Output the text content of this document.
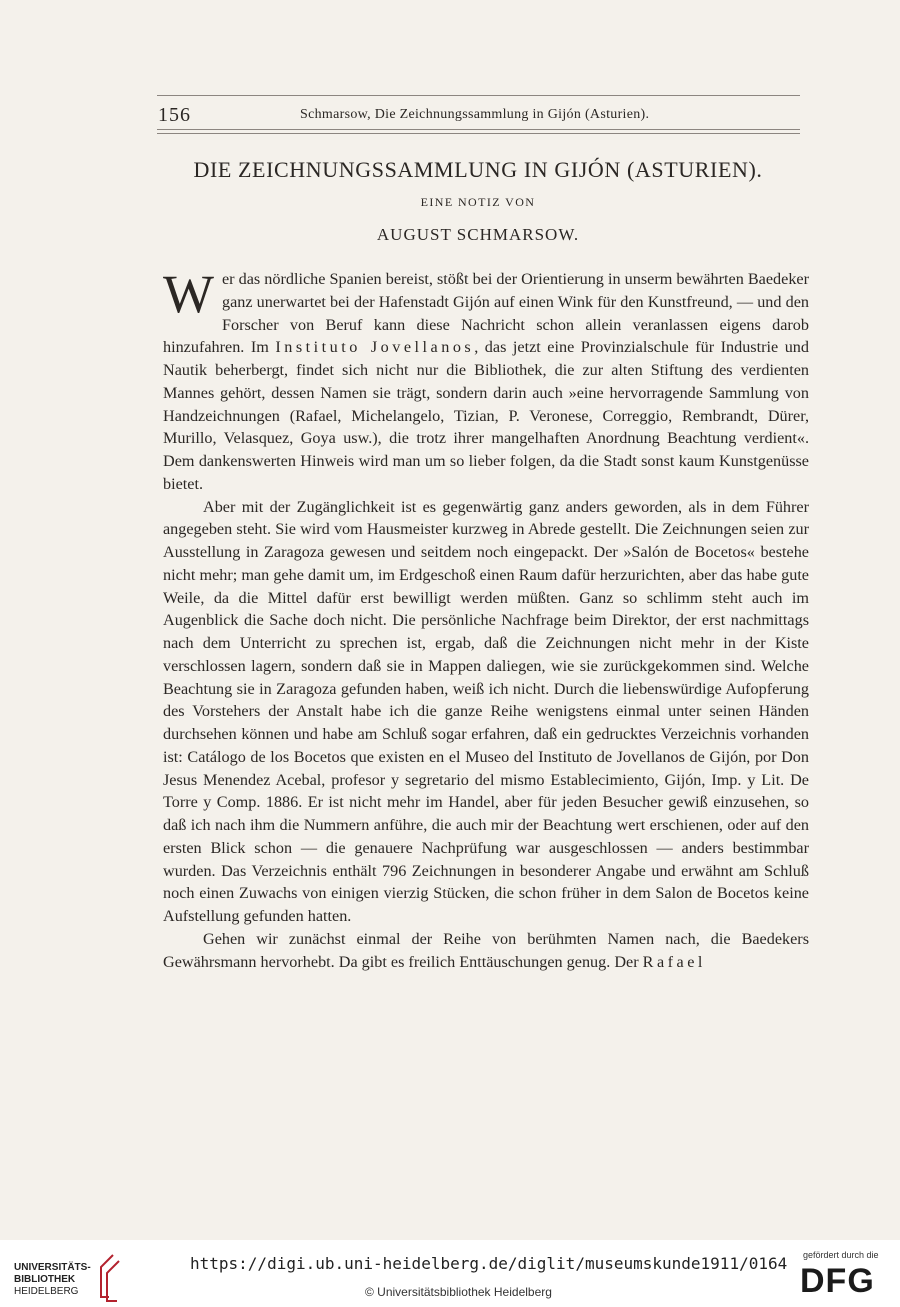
156	Schmarsow, Die Zeichnungssammlung in Gijón (Asturien).
DIE ZEICHNUNGSSAMMLUNG IN GIJÓN (ASTURIEN).
EINE NOTIZ VON
AUGUST SCHMARSOW.

Wer das nördliche Spanien bereist, stößt bei der Orientierung in unserm bewährten Baedeker ganz unerwartet bei der Hafenstadt Gijón auf einen Wink für den Kunstfreund, — und den Forscher von Beruf kann diese Nachricht schon allein veranlassen eigens darob hinzufahren. Im Instituto Jovellanos, das jetzt eine Provinzialschule für Industrie und Nautik beherbergt, findet sich nicht nur die Bibliothek, die zur alten Stiftung des verdienten Mannes gehört, dessen Namen sie trägt, sondern darin auch »eine hervorragende Sammlung von Handzeichnungen (Rafael, Michelangelo, Tizian, P. Veronese, Correggio, Rembrandt, Dürer, Murillo, Velasquez, Goya usw.), die trotz ihrer mangelhaften Anordnung Beachtung verdient«. Dem dankenswerten Hinweis wird man um so lieber folgen, da die Stadt sonst kaum Kunstgenüsse bietet.

Aber mit der Zugänglichkeit ist es gegenwärtig ganz anders geworden, als in dem Führer angegeben steht. Sie wird vom Hausmeister kurzweg in Abrede gestellt. Die Zeichnungen seien zur Ausstellung in Zaragoza gewesen und seitdem noch eingepackt. Der »Salón de Bocetos« bestehe nicht mehr; man gehe damit um, im Erdgeschoß einen Raum dafür herzurichten, aber das habe gute Weile, da die Mittel dafür erst bewilligt werden müßten. Ganz so schlimm steht auch im Augenblick die Sache doch nicht. Die persönliche Nachfrage beim Direktor, der erst nachmittags nach dem Unterricht zu sprechen ist, ergab, daß die Zeichnungen nicht mehr in der Kiste verschlossen lagern, sondern daß sie in Mappen daliegen, wie sie zurückgekommen sind. Welche Beachtung sie in Zaragoza gefunden haben, weiß ich nicht. Durch die liebenswürdige Aufopferung des Vorstehers der Anstalt habe ich die ganze Reihe wenigstens einmal unter seinen Händen durchsehen können und habe am Schluß sogar erfahren, daß ein gedrucktes Verzeichnis vorhanden ist: Catálogo de los Bocetos que existen en el Museo del Instituto de Jovellanos de Gijón, por Don Jesus Menendez Acebal, profesor y segretario del mismo Establecimiento, Gijón, Imp. y Lit. De Torre y Comp. 1886. Er ist nicht mehr im Handel, aber für jeden Besucher gewiß einzusehen, so daß ich nach ihm die Nummern anführe, die auch mir der Beachtung wert erschienen, oder auf den ersten Blick schon — die genauere Nachprüfung war ausgeschlossen — anders bestimmbar wurden. Das Verzeichnis enthält 796 Zeichnungen in besonderer Angabe und erwähnt am Schluß noch einen Zuwachs von einigen vierzig Stücken, die schon früher in dem Salon de Bocetos keine Aufstellung gefunden hatten.

Gehen wir zunächst einmal der Reihe von berühmten Namen nach, die Baedekers Gewährsmann hervorhebt. Da gibt es freilich Enttäuschungen genug. Der Rafael

UNIVERSITÄTS-
BIBLIOTHEK
HEIDELBERG
https://digi.ub.uni-heidelberg.de/diglit/museumskunde1911/0164
© Universitätsbibliothek Heidelberg
gefördert durch die
DFG
